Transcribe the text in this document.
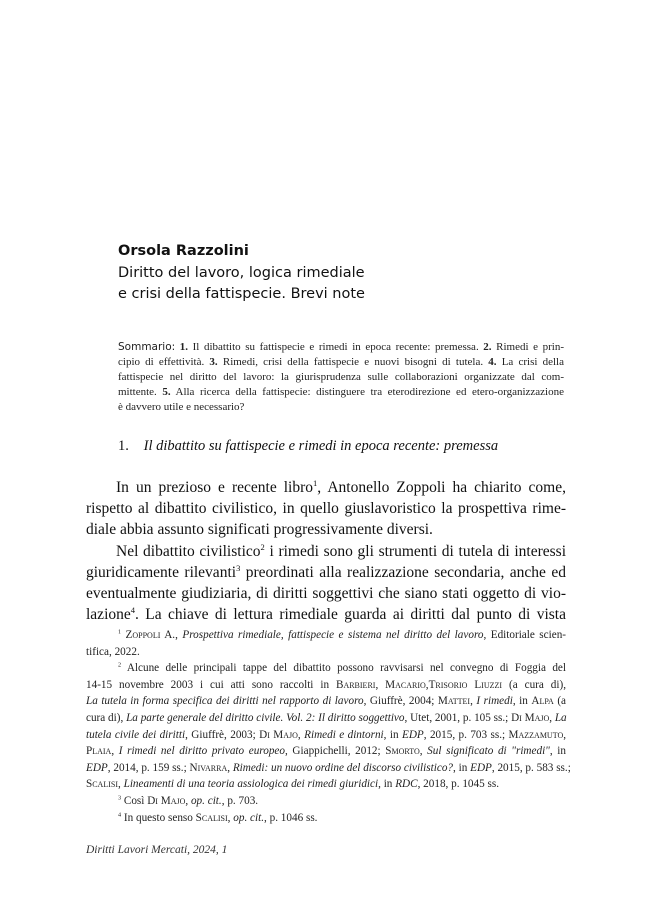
Orsola Razzolini
Diritto del lavoro, logica rimediale
e crisi della fattispecie. Brevi note
Sommario: 1. Il dibattito su fattispecie e rimedi in epoca recente: premessa. 2. Rimedi e prin-
cipio di effettività. 3. Rimedi, crisi della fattispecie e nuovi bisogni di tutela. 4. La crisi della
fattispecie nel diritto del lavoro: la giurisprudenza sulle collaborazioni organizzate dal com-
mittente. 5. Alla ricerca della fattispecie: distinguere tra eterodirezione ed etero-organizzazione
è davvero utile e necessario?
1. Il dibattito su fattispecie e rimedi in epoca recente: premessa
In un prezioso e recente libro$^1$, Antonello Zoppoli ha chiarito come,
rispetto al dibattito civilistico, in quello giuslavoristico la prospettiva rime-
diale abbia assunto significati progressivamente diversi.
Nel dibattito civilistico$^2$ i rimedi sono gli strumenti di tutela di interessi
giuridicamente rilevanti$^3$ preordinati alla realizzazione secondaria, anche ed
eventualmente giudiziaria, di diritti soggettivi che siano stati oggetto di vio-
lazione$^4$. La chiave di lettura rimediale guarda ai diritti dal punto di vista
$^1$ Zoppoli A., Prospettiva rimediale, fattispecie e sistema nel diritto del lavoro, Editoriale scien-
tifica, 2022.
$^2$ Alcune delle principali tappe del dibattito possono ravvisarsi nel convegno di Foggia del
14-15 novembre 2003 i cui atti sono raccolti in Barbieri, Macario,Trisorio Liuzzi (a cura di),
La tutela in forma specifica dei diritti nel rapporto di lavoro, Giuffrè, 2004; Mattei, I rimedi, in Alpa (a
cura di), La parte generale del diritto civile. Vol. 2: Il diritto soggettivo, Utet, 2001, p. 105 ss.; Di Majo, La
tutela civile dei diritti, Giuffrè, 2003; Di Majo, Rimedi e dintorni, in EDP, 2015, p. 703 ss.; Mazzamuto,
Plaia, I rimedi nel diritto privato europeo, Giappichelli, 2012; Smorto, Sul significato di "rimedi", in
EDP, 2014, p. 159 ss.; Nivarra, Rimedi: un nuovo ordine del discorso civilistico?, in EDP, 2015, p. 583 ss.;
Scalisi, Lineamenti di una teoria assiologica dei rimedi giuridici, in RDC, 2018, p. 1045 ss.
$^3$ Così Di Majo, op. cit., p. 703.
$^4$ In questo senso Scalisi, op. cit., p. 1046 ss.
Diritti Lavori Mercati, 2024, 1
